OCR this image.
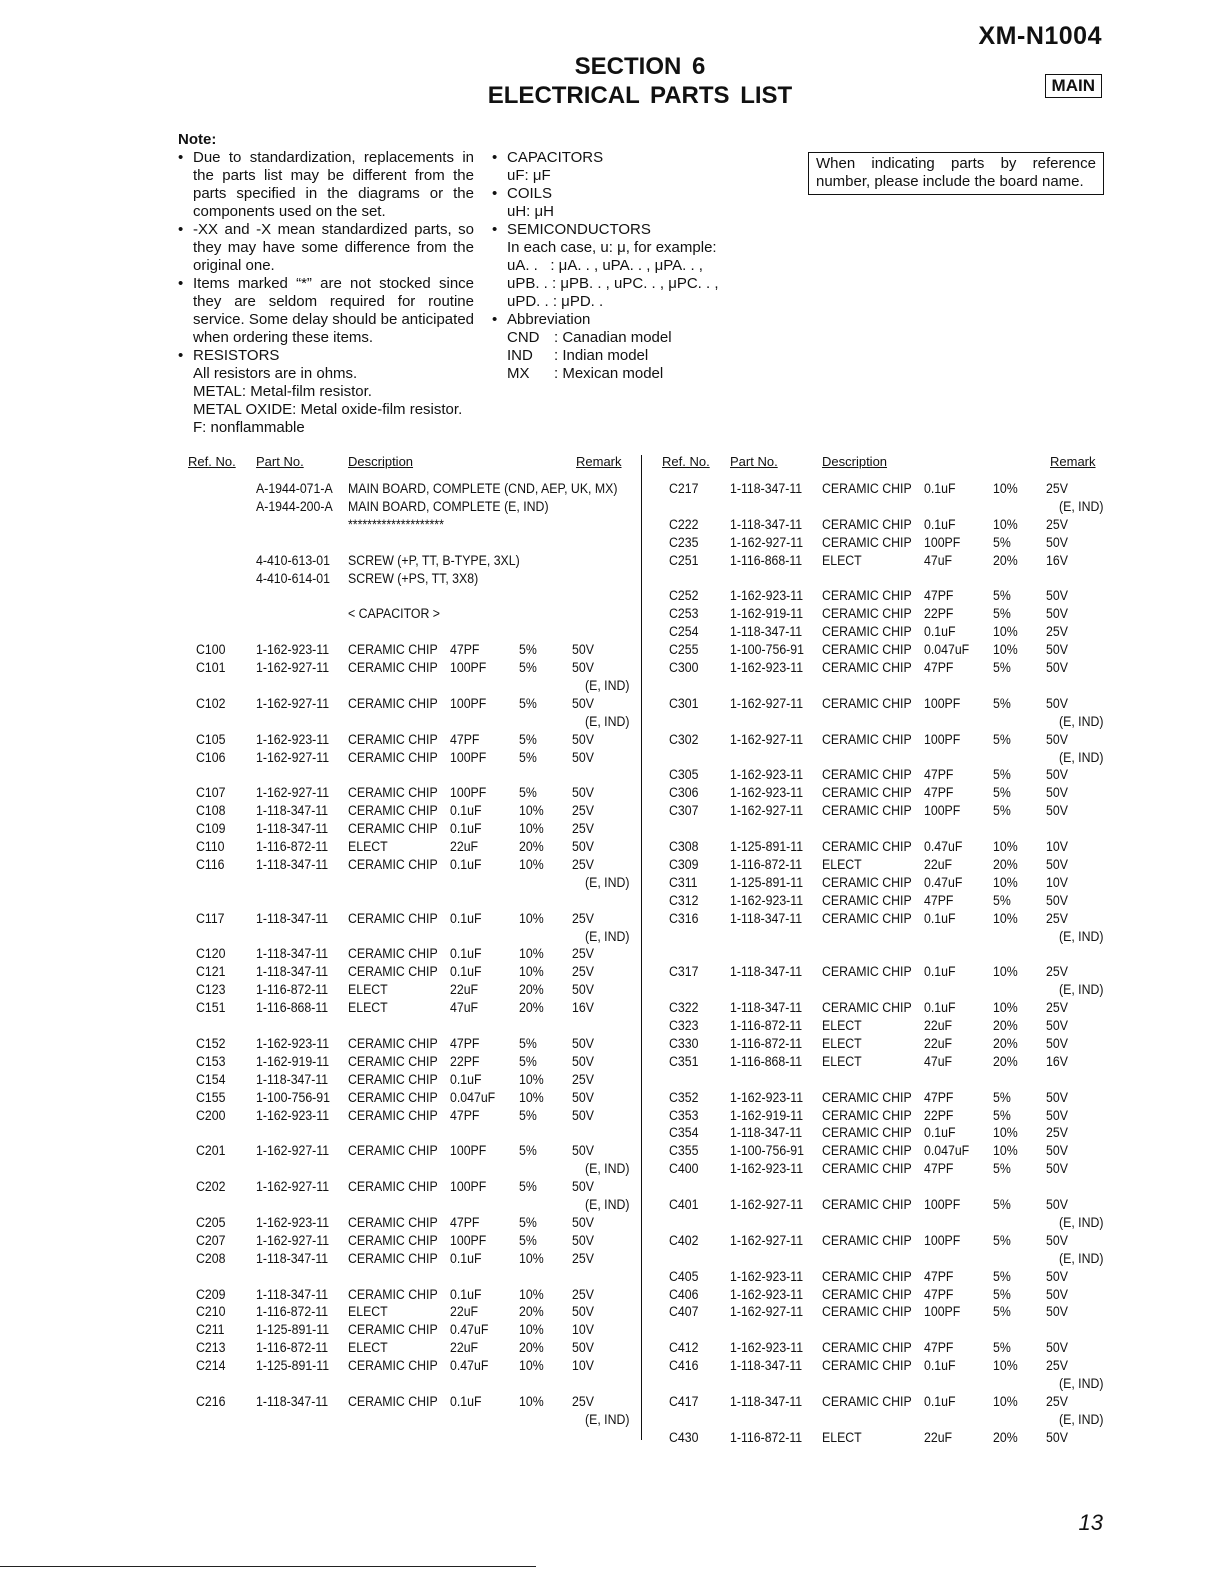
XM-N1004
MAIN
SECTION 6
ELECTRICAL PARTS LIST
Note:
• Due to standardization, replacements in the parts list may be different from the parts specified in the diagrams or the components used on the set.
• -XX and -X mean standardized parts, so they may have some difference from the original one.
• Items marked “*” are not stocked since they are seldom required for routine service. Some delay should be anticipated when ordering these items.
• RESISTORS
All resistors are in ohms.
METAL: Metal-film resistor.
METAL OXIDE: Metal oxide-film resistor.
F: nonflammable
• CAPACITORS
uF: μF
• COILS
uH: μH
• SEMICONDUCTORS
In each case, u: μ, for example:
uA. .   : μA. . , uPA. . , μPA. . ,
uPB. . : μPB. . , uPC. . , μPC. . ,
uPD. . : μPD. .
• Abbreviation
CND : Canadian model
IND	: Indian model
MX	: Mexican model
When indicating parts by reference number, please include the board name.
Ref. No. Part No.	Description	Remark	Ref. No. Part No.	Description	Remark
A-1944-071-A MAIN BOARD, COMPLETE (CND, AEP, UK, MX)
A-1944-200-A MAIN BOARD, COMPLETE (E, IND)
********************
4-410-613-01 SCREW (+P, TT, B-TYPE, 3XL)
4-410-614-01 SCREW (+PS, TT, 3X8)
< CAPACITOR >
C100 1-162-923-11 CERAMIC CHIP 47PF	5%	50V
C101 1-162-927-11 CERAMIC CHIP 100PF 5%	50V
(E, IND)
C102 1-162-927-11 CERAMIC CHIP 100PF 5%	50V
(E, IND)
C105 1-162-923-11 CERAMIC CHIP 47PF	5%	50V
C106 1-162-927-11 CERAMIC CHIP 100PF 5%	50V
C107 1-162-927-11 CERAMIC CHIP 100PF 5%	50V
C108 1-118-347-11 CERAMIC CHIP 0.1uF	10% 25V
C109 1-118-347-11 CERAMIC CHIP 0.1uF	10% 25V
C110 1-116-872-11 ELECT	22uF	20% 50V
C116 1-118-347-11 CERAMIC CHIP 0.1uF	10% 25V
(E, IND)
C117 1-118-347-11 CERAMIC CHIP 0.1uF	10% 25V
(E, IND)
C120 1-118-347-11 CERAMIC CHIP 0.1uF	10% 25V
C121 1-118-347-11 CERAMIC CHIP 0.1uF	10% 25V
C123 1-116-872-11 ELECT	22uF	20% 50V
C151 1-116-868-11 ELECT	47uF	20% 16V
C152 1-162-923-11 CERAMIC CHIP 47PF	5%	50V
C153 1-162-919-11 CERAMIC CHIP 22PF	5%	50V
C154 1-118-347-11 CERAMIC CHIP 0.1uF	10% 25V
C155 1-100-756-91 CERAMIC CHIP 0.047uF 10% 50V
C200 1-162-923-11 CERAMIC CHIP 47PF	5%	50V
C201 1-162-927-11 CERAMIC CHIP 100PF 5%	50V
(E, IND)
C202 1-162-927-11 CERAMIC CHIP 100PF 5%	50V
(E, IND)
C205 1-162-923-11 CERAMIC CHIP 47PF	5%	50V
C207 1-162-927-11 CERAMIC CHIP 100PF 5%	50V
C208 1-118-347-11 CERAMIC CHIP 0.1uF	10% 25V
C209 1-118-347-11 CERAMIC CHIP 0.1uF	10% 25V
C210 1-116-872-11 ELECT	22uF	20% 50V
C211 1-125-891-11 CERAMIC CHIP 0.47uF 10% 10V
C213 1-116-872-11 ELECT	22uF	20% 50V
C214 1-125-891-11 CERAMIC CHIP 0.47uF 10% 10V
C216 1-118-347-11 CERAMIC CHIP 0.1uF	10% 25V
(E, IND)
C217 1-118-347-11 CERAMIC CHIP 0.1uF	10% 25V
(E, IND)
C222 1-118-347-11 CERAMIC CHIP 0.1uF	10% 25V
C235 1-162-927-11 CERAMIC CHIP 100PF 5%	50V
C251 1-116-868-11 ELECT	47uF	20% 16V
C252 1-162-923-11 CERAMIC CHIP 47PF	5%	50V
C253 1-162-919-11 CERAMIC CHIP 22PF	5%	50V
C254 1-118-347-11 CERAMIC CHIP 0.1uF	10% 25V
C255 1-100-756-91 CERAMIC CHIP 0.047uF 10% 50V
C300 1-162-923-11 CERAMIC CHIP 47PF	5%	50V
C301 1-162-927-11 CERAMIC CHIP 100PF 5%	50V
(E, IND)
C302 1-162-927-11 CERAMIC CHIP 100PF 5%	50V
(E, IND)
C305 1-162-923-11 CERAMIC CHIP 47PF	5%	50V
C306 1-162-923-11 CERAMIC CHIP 47PF	5%	50V
C307 1-162-927-11 CERAMIC CHIP 100PF 5%	50V
C308 1-125-891-11 CERAMIC CHIP 0.47uF 10% 10V
C309 1-116-872-11 ELECT	22uF	20% 50V
C311 1-125-891-11 CERAMIC CHIP 0.47uF 10% 10V
C312 1-162-923-11 CERAMIC CHIP 47PF	5%	50V
C316 1-118-347-11 CERAMIC CHIP 0.1uF	10% 25V
(E, IND)
C317 1-118-347-11 CERAMIC CHIP 0.1uF	10% 25V
(E, IND)
C322 1-118-347-11 CERAMIC CHIP 0.1uF	10% 25V
C323 1-116-872-11 ELECT	22uF	20% 50V
C330 1-116-872-11 ELECT	22uF	20% 50V
C351 1-116-868-11 ELECT	47uF	20% 16V
C352 1-162-923-11 CERAMIC CHIP 47PF	5%	50V
C353 1-162-919-11 CERAMIC CHIP 22PF	5%	50V
C354 1-118-347-11 CERAMIC CHIP 0.1uF	10% 25V
C355 1-100-756-91 CERAMIC CHIP 0.047uF 10% 50V
C400 1-162-923-11 CERAMIC CHIP 47PF	5%	50V
C401 1-162-927-11 CERAMIC CHIP 100PF 5%	50V
(E, IND)
C402 1-162-927-11 CERAMIC CHIP 100PF 5%	50V
(E, IND)
C405 1-162-923-11 CERAMIC CHIP 47PF	5%	50V
C406 1-162-923-11 CERAMIC CHIP 47PF	5%	50V
C407 1-162-927-11 CERAMIC CHIP 100PF 5%	50V
C412 1-162-923-11 CERAMIC CHIP 47PF	5%	50V
C416 1-118-347-11 CERAMIC CHIP 0.1uF	10% 25V
(E, IND)
C417 1-118-347-11 CERAMIC CHIP 0.1uF	10% 25V
(E, IND)
C430 1-116-872-11 ELECT	22uF	20% 50V
13
